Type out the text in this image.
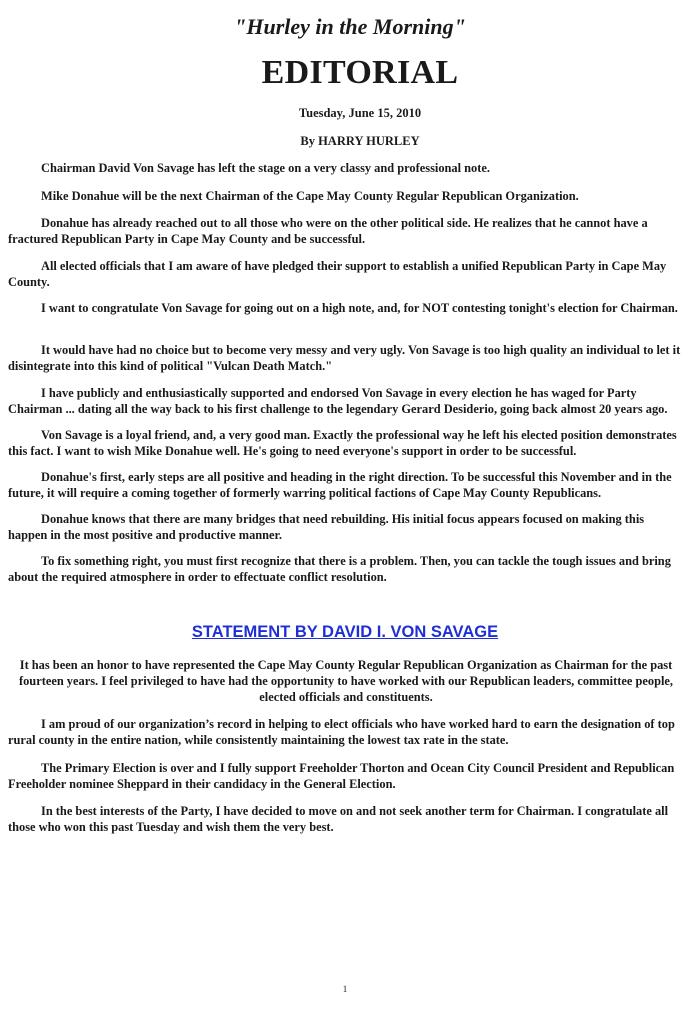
"Hurley in the Morning"
EDITORIAL
Tuesday, June 15, 2010
By HARRY HURLEY
Chairman David Von Savage has left the stage on a very classy and professional note.
Mike Donahue will be the next Chairman of the Cape May County Regular Republican Organization.
Donahue has already reached out to all those who were on the other political side. He realizes that he cannot have a fractured Republican Party in Cape May County and be successful.
All elected officials that I am aware of have pledged their support to establish a unified Republican Party in Cape May County.
I want to congratulate Von Savage for going out on a high note, and, for NOT contesting tonight's election for Chairman.
It would have had no choice but to become very messy and very ugly. Von Savage is too high quality an individual to let it disintegrate into this kind of political "Vulcan Death Match."
I have publicly and enthusiastically supported and endorsed Von Savage in every election he has waged for Party Chairman ... dating all the way back to his first challenge to the legendary Gerard Desiderio, going back almost 20 years ago.
Von Savage is a loyal friend, and, a very good man. Exactly the professional way he left his elected position demonstrates this fact. I want to wish Mike Donahue well. He's going to need everyone's support in order to be successful.
Donahue's first, early steps are all positive and heading in the right direction. To be successful this November and in the future, it will require a coming together of formerly warring political factions of Cape May County Republicans.
Donahue knows that there are many bridges that need rebuilding. His initial focus appears focused on making this happen in the most positive and productive manner.
To fix something right, you must first recognize that there is a problem. Then, you can tackle the tough issues and bring about the required atmosphere in order to effectuate conflict resolution.
STATEMENT BY DAVID I. VON SAVAGE
It has been an honor to have represented the Cape May County Regular Republican Organization as Chairman for the past fourteen years. I feel privileged to have had the opportunity to have worked with our Republican leaders, committee people, elected officials and constituents.
I am proud of our organization’s record in helping to elect officials who have worked hard to earn the designation of top rural county in the entire nation, while consistently maintaining the lowest tax rate in the state.
The Primary Election is over and I fully support Freeholder Thorton and Ocean City Council President and Republican Freeholder nominee Sheppard in their candidacy in the General Election.
In the best interests of the Party, I have decided to move on and not seek another term for Chairman. I congratulate all those who won this past Tuesday and wish them the very best.
1
